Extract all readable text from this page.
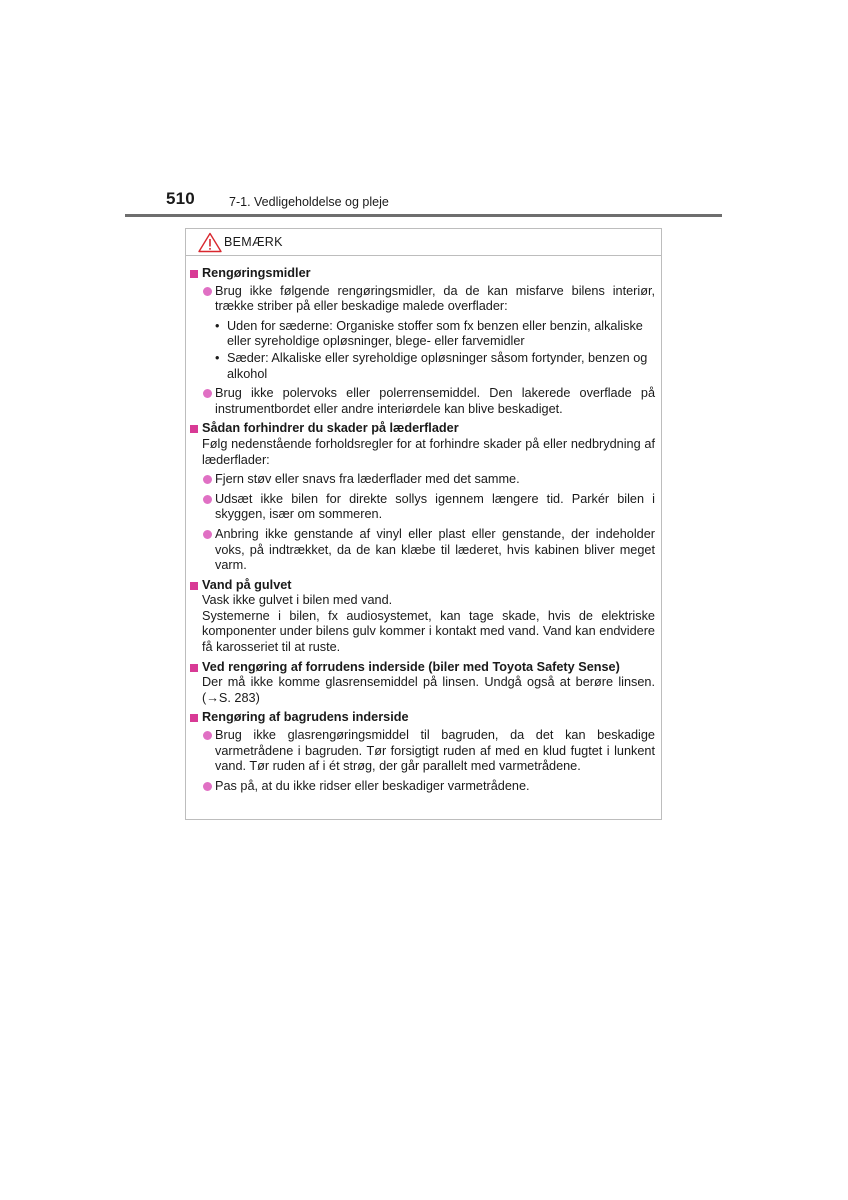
510	7-1. Vedligeholdelse og pleje
BEMÆRK
Rengøringsmidler
Brug ikke følgende rengøringsmidler, da de kan misfarve bilens interiør, trække striber på eller beskadige malede overflader:
• Uden for sæderne: Organiske stoffer som fx benzen eller benzin, alkaliske eller syreholdige opløsninger, blege- eller farvemidler
• Sæder: Alkaliske eller syreholdige opløsninger såsom fortynder, benzen og alkohol
Brug ikke polervoks eller polerrensemiddel. Den lakerede overflade på instrumentbordet eller andre interiørdele kan blive beskadiget.
Sådan forhindrer du skader på læderflader
Følg nedenstående forholdsregler for at forhindre skader på eller nedbrydning af læderflader:
Fjern støv eller snavs fra læderflader med det samme.
Udsæt ikke bilen for direkte sollys igennem længere tid. Parkér bilen i skyggen, især om sommeren.
Anbring ikke genstande af vinyl eller plast eller genstande, der indeholder voks, på indtrækket, da de kan klæbe til læderet, hvis kabinen bliver meget varm.
Vand på gulvet
Vask ikke gulvet i bilen med vand.
Systemerne i bilen, fx audiosystemet, kan tage skade, hvis de elektriske komponenter under bilens gulv kommer i kontakt med vand. Vand kan endvidere få karosseriet til at ruste.
Ved rengøring af forrudens inderside (biler med Toyota Safety Sense)
Der må ikke komme glasrensemiddel på linsen. Undgå også at berøre linsen. (→S. 283)
Rengøring af bagrudens inderside
Brug ikke glasrengøringsmiddel til bagruden, da det kan beskadige varmetrådene i bagruden. Tør forsigtigt ruden af med en klud fugtet i lunkent vand. Tør ruden af i ét strøg, der går parallelt med varmetrådene.
Pas på, at du ikke ridser eller beskadiger varmetrådene.
